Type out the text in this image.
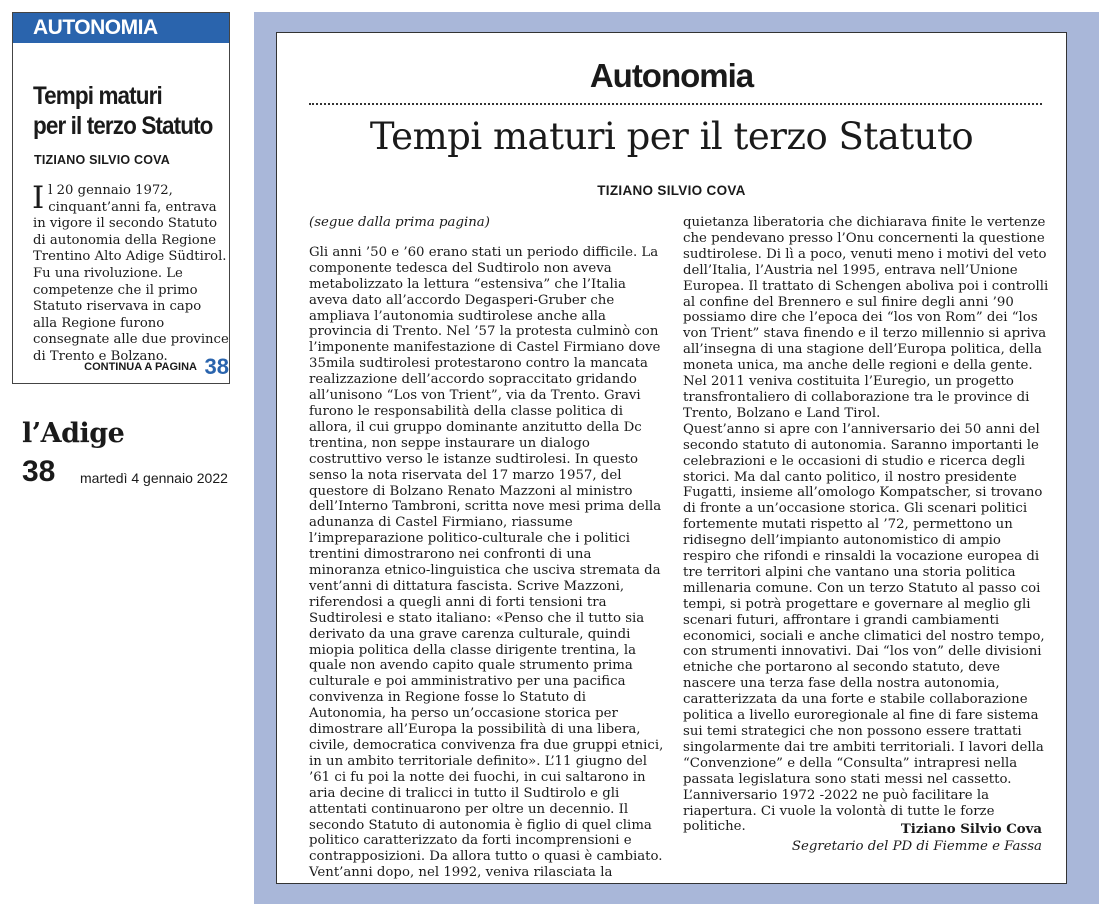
AUTONOMIA
Tempi maturi
per il terzo Statuto
TIZIANO SILVIO COVA
Il 20 gennaio 1972, cinquant’anni fa, entrava in vigore il secondo Statuto di autonomia della Regione Trentino Alto Adige Südtirol. Fu una rivoluzione. Le competenze che il primo Statuto riservava in capo alla Regione furono consegnate alle due province di Trento e Bolzano.
CONTINUA A PAGINA 38
l’Adige
38 martedì 4 gennaio 2022
Autonomia
Tempi maturi per il terzo Statuto
TIZIANO SILVIO COVA
(segue dalla prima pagina)

Gli anni ’50 e ’60 erano stati un periodo difficile. La componente tedesca del Sudtirolo non aveva metabolizzato la lettura “estensiva” che l’Italia aveva dato all’accordo Degasperi-Gruber che ampliava l’autonomia sudtirolese anche alla provincia di Trento. Nel ’57 la protesta culminò con l’imponente manifestazione di Castel Firmiano dove 35mila sudtirolesi protestarono contro la mancata realizzazione dell’accordo sopraccitato gridando all’unisono “Los von Trient”, via da Trento. Gravi furono le responsabilità della classe politica di allora, il cui gruppo dominante anzitutto della Dc trentina, non seppe instaurare un dialogo costruttivo verso le istanze sudtirolesi. In questo senso la nota riservata del 17 marzo 1957, del questore di Bolzano Renato Mazzoni al ministro dell’Interno Tambroni, scritta nove mesi prima della adunanza di Castel Firmiano, riassume l’impreparazione politico-culturale che i politici trentini dimostrarono nei confronti di una minoranza etnico-linguistica che usciva stremata da vent’anni di dittatura fascista. Scrive Mazzoni, riferendosi a quegli anni di forti tensioni tra Sudtirolesi e stato italiano: «Penso che il tutto sia derivato da una grave carenza culturale, quindi miopia politica della classe dirigente trentina, la quale non avendo capito quale strumento prima culturale e poi amministrativo per una pacifica convivenza in Regione fosse lo Statuto di Autonomia, ha perso un’occasione storica per dimostrare all’Europa la possibilità di una libera, civile, democratica convivenza fra due gruppi etnici, in un ambito territoriale definito». L’11 giugno del ’61 ci fu poi la notte dei fuochi, in cui saltarono in aria decine di tralicci in tutto il Sudtirolo e gli attentati continuarono per oltre un decennio. Il secondo Statuto di autonomia è figlio di quel clima politico caratterizzato da forti incomprensioni e contrapposizioni. Da allora tutto o quasi è cambiato. Vent’anni dopo, nel 1992, veniva rilasciata la

quietanza liberatoria che dichiarava finite le vertenze che pendevano presso l’Onu concernenti la questione sudtirolese. Di lì a poco, venuti meno i motivi del veto dell’Italia, l’Austria nel 1995, entrava nell’Unione Europea. Il trattato di Schengen aboliva poi i controlli al confine del Brennero e sul finire degli anni ’90 possiamo dire che l’epoca dei “los von Rom” dei “los von Trient” stava finendo e il terzo millennio si apriva all’insegna di una stagione dell’Europa politica, della moneta unica, ma anche delle regioni e della gente. Nel 2011 veniva costituita l’Euregio, un progetto transfrontaliero di collaborazione tra le province di Trento, Bolzano e Land Tirol.

Quest’anno si apre con l’anniversario dei 50 anni del secondo statuto di autonomia. Saranno importanti le celebrazioni e le occasioni di studio e ricerca degli storici. Ma dal canto politico, il nostro presidente Fugatti, insieme all’omologo Kompatscher, si trovano di fronte a un’occasione storica. Gli scenari politici fortemente mutati rispetto al ’72, permettono un ridisegno dell’impianto autonomistico di ampio respiro che rifondi e rinsaldi la vocazione europea di tre territori alpini che vantano una storia politica millenaria comune. Con un terzo Statuto al passo coi tempi, si potrà progettare e governare al meglio gli scenari futuri, affrontare i grandi cambiamenti economici, sociali e anche climatici del nostro tempo, con strumenti innovativi. Dai “los von” delle divisioni etniche che portarono al secondo statuto, deve nascere una terza fase della nostra autonomia, caratterizzata da una forte e stabile collaborazione politica a livello euroregionale al fine di fare sistema sui temi strategici che non possono essere trattati singolarmente dai tre ambiti territoriali. I lavori della “Convenzione” e della “Consulta” intrapresi nella passata legislatura sono stati messi nel cassetto. L’anniversario 1972 -2022 ne può facilitare la riapertura. Ci vuole la volontà di tutte le forze politiche.	Tiziano Silvio Cova
Segretario del PD di Fiemme e Fassa
